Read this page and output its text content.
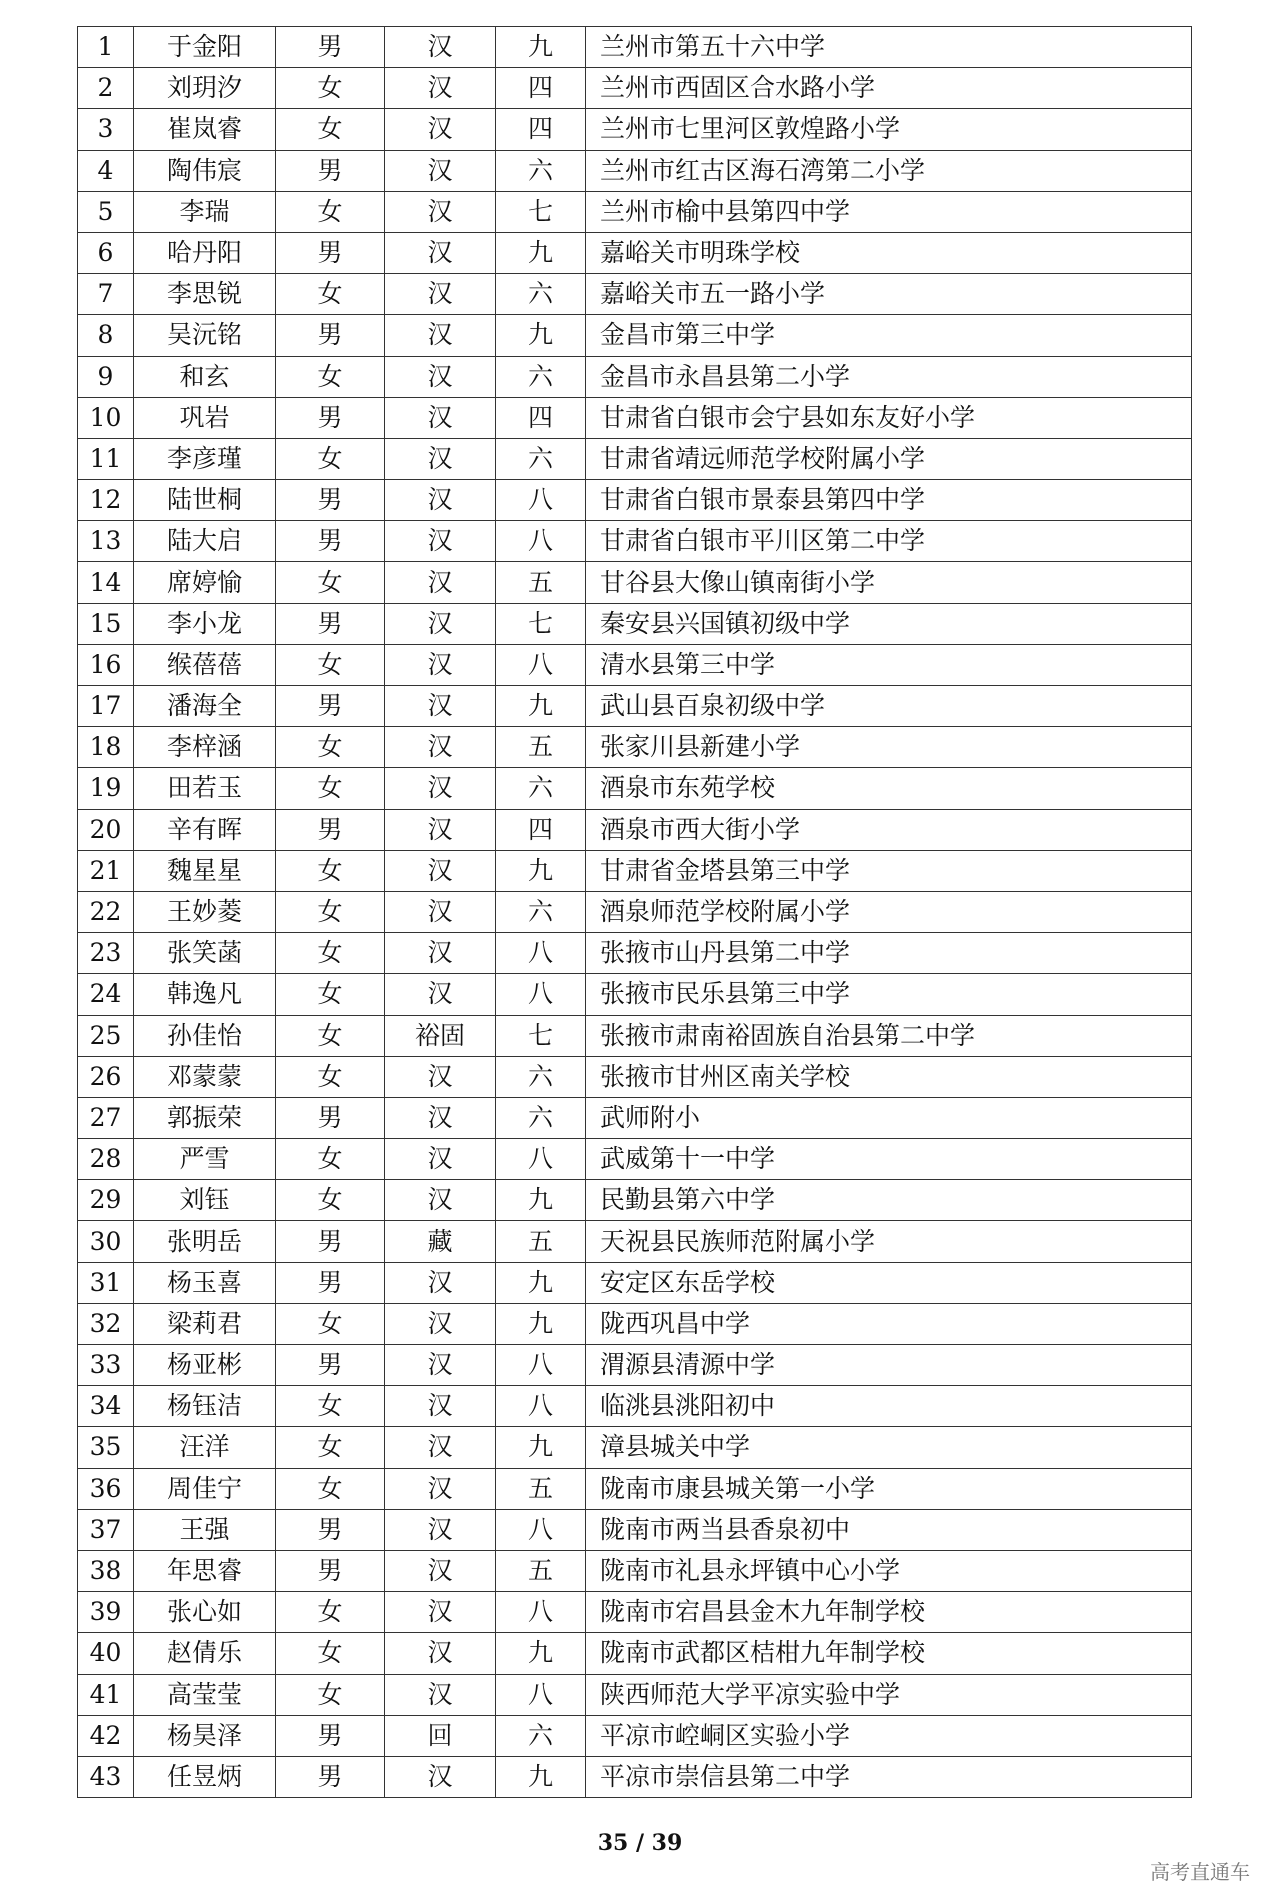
1	于金阳	男	汉	九	兰州市第五十六中学
2	刘玥汐	女	汉	四	兰州市西固区合水路小学
3	崔岚睿	女	汉	四	兰州市七里河区敦煌路小学
4	陶伟宸	男	汉	六	兰州市红古区海石湾第二小学
5	李瑞	女	汉	七	兰州市榆中县第四中学
6	哈丹阳	男	汉	九	嘉峪关市明珠学校
7	李思锐	女	汉	六	嘉峪关市五一路小学
8	吴沅铭	男	汉	九	金昌市第三中学
9	和玄	女	汉	六	金昌市永昌县第二小学
10	巩岩	男	汉	四	甘肃省白银市会宁县如东友好小学
11	李彦瑾	女	汉	六	甘肃省靖远师范学校附属小学
12	陆世桐	男	汉	八	甘肃省白银市景泰县第四中学
13	陆大启	男	汉	八	甘肃省白银市平川区第二中学
14	席婷愉	女	汉	五	甘谷县大像山镇南街小学
15	李小龙	男	汉	七	秦安县兴国镇初级中学
16	缑蓓蓓	女	汉	八	清水县第三中学
17	潘海全	男	汉	九	武山县百泉初级中学
18	李梓涵	女	汉	五	张家川县新建小学
19	田若玉	女	汉	六	酒泉市东苑学校
20	辛有晖	男	汉	四	酒泉市西大街小学
21	魏星星	女	汉	九	甘肃省金塔县第三中学
22	王妙菱	女	汉	六	酒泉师范学校附属小学
23	张笑菡	女	汉	八	张掖市山丹县第二中学
24	韩逸凡	女	汉	八	张掖市民乐县第三中学
25	孙佳怡	女	裕固	七	张掖市肃南裕固族自治县第二中学
26	邓蒙蒙	女	汉	六	张掖市甘州区南关学校
27	郭振荣	男	汉	六	武师附小
28	严雪	女	汉	八	武威第十一中学
29	刘钰	女	汉	九	民勤县第六中学
30	张明岳	男	藏	五	天祝县民族师范附属小学
31	杨玉喜	男	汉	九	安定区东岳学校
32	梁莉君	女	汉	九	陇西巩昌中学
33	杨亚彬	男	汉	八	渭源县清源中学
34	杨钰洁	女	汉	八	临洮县洮阳初中
35	汪洋	女	汉	九	漳县城关中学
36	周佳宁	女	汉	五	陇南市康县城关第一小学
37	王强	男	汉	八	陇南市两当县香泉初中
38	年思睿	男	汉	五	陇南市礼县永坪镇中心小学
39	张心如	女	汉	八	陇南市宕昌县金木九年制学校
40	赵倩乐	女	汉	九	陇南市武都区桔柑九年制学校
41	高莹莹	女	汉	八	陕西师范大学平凉实验中学
42	杨昊泽	男	回	六	平凉市崆峒区实验小学
43	任昱炳	男	汉	九	平凉市崇信县第二中学
35 / 39
高考直通车
